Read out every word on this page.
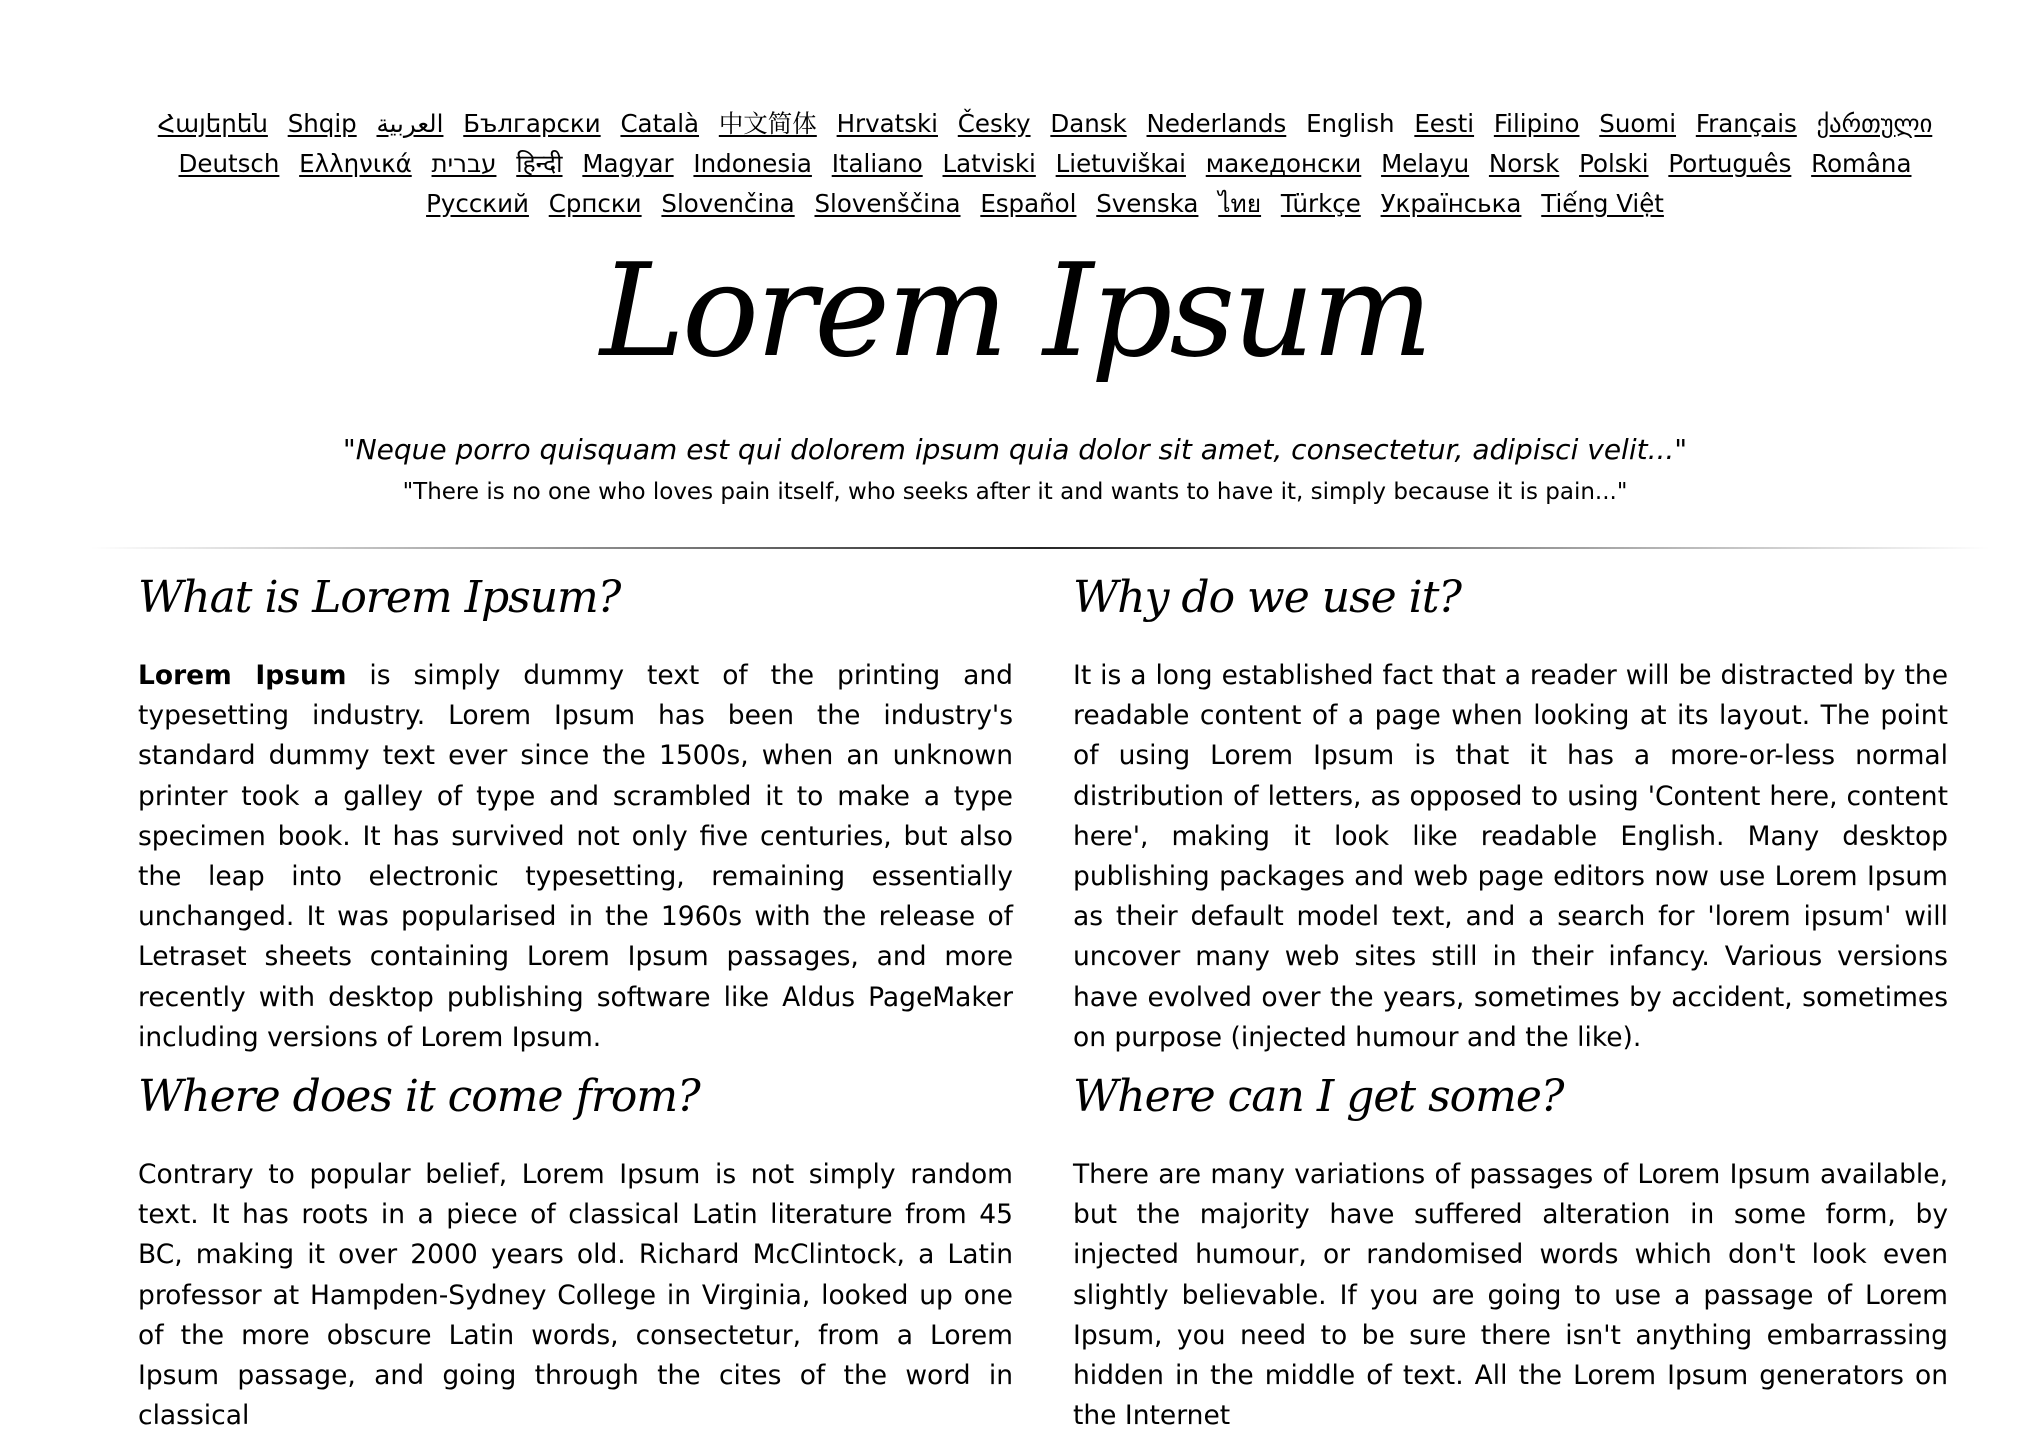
Հայերեն Shqip العربية Български Català 中文简体 Hrvatski Česky Dansk Nederlands English Eesti Filipino Suomi Français ქართული Deutsch Ελληνικά עברית हिन्दी Magyar Indonesia Italiano Latviski Lietuviškai македонски Melayu Norsk Polski Português Româna Русский Српски Slovenčina Slovenščina Español Svenska ไทย Türkçe Українська Tiếng Việt
Lorem Ipsum
"Neque porro quisquam est qui dolorem ipsum quia dolor sit amet, consectetur, adipisci velit..."
"There is no one who loves pain itself, who seeks after it and wants to have it, simply because it is pain..."
What is Lorem Ipsum?

Lorem Ipsum is simply dummy text of the printing and typesetting industry. Lorem Ipsum has been the industry's standard dummy text ever since the 1500s, when an unknown printer took a galley of type and scrambled it to make a type specimen book. It has survived not only five centuries, but also the leap into electronic typesetting, remaining essentially unchanged. It was popularised in the 1960s with the release of Letraset sheets containing Lorem Ipsum passages, and more recently with desktop publishing software like Aldus PageMaker including versions of Lorem Ipsum.

Why do we use it?

It is a long established fact that a reader will be distracted by the readable content of a page when looking at its layout. The point of using Lorem Ipsum is that it has a more-or-less normal distribution of letters, as opposed to using 'Content here, content here', making it look like readable English. Many desktop publishing packages and web page editors now use Lorem Ipsum as their default model text, and a search for 'lorem ipsum' will uncover many web sites still in their infancy. Various versions have evolved over the years, sometimes by accident, sometimes on purpose (injected humour and the like).

Where does it come from?

Contrary to popular belief, Lorem Ipsum is not simply random text. It has roots in a piece of classical Latin literature from 45 BC, making it over 2000 years old. Richard McClintock, a Latin professor at Hampden-Sydney College in Virginia, looked up one of the more obscure Latin words, consectetur, from a Lorem Ipsum passage, and going through the cites of the word in classical

Where can I get some?

There are many variations of passages of Lorem Ipsum available, but the majority have suffered alteration in some form, by injected humour, or randomised words which don't look even slightly believable. If you are going to use a passage of Lorem Ipsum, you need to be sure there isn't anything embarrassing hidden in the middle of text. All the Lorem Ipsum generators on the Internet
